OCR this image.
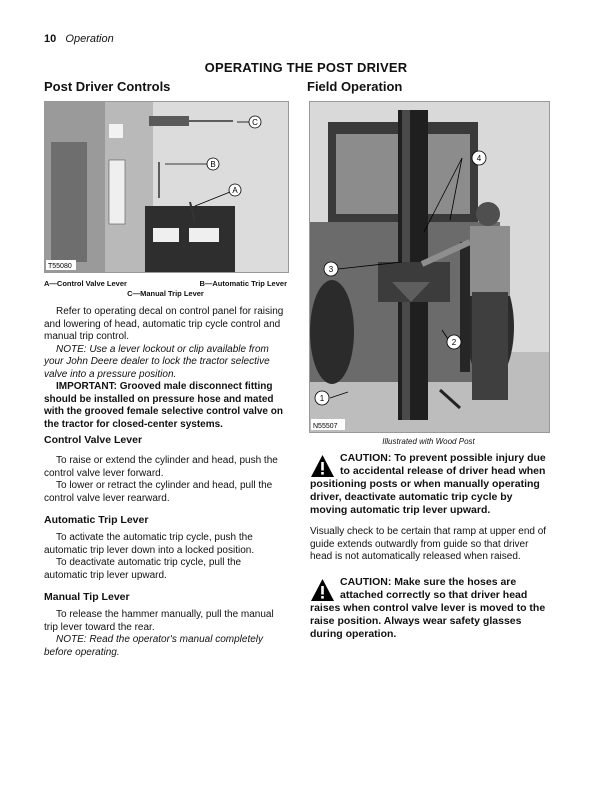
10 Operation
OPERATING THE POST DRIVER
Post Driver Controls	Field Operation
C
B
A
T55080
A—Control Valve Lever	B—Automatic Trip Lever
C—Manual Trip Lever

Refer to operating decal on control panel for raising and lowering of head, automatic trip cycle control and manual trip control.

NOTE: Use a lever lockout or clip available from your John Deere dealer to lock the tractor selective valve into a pressure position.

IMPORTANT: Grooved male disconnect fitting should be installed on pressure hose and mated with the grooved female selective control valve on the tractor for closed-center systems.

Control Valve Lever

To raise or extend the cylinder and head, push the control valve lever forward.

To lower or retract the cylinder and head, pull the control valve lever rearward.

Automatic Trip Lever

To activate the automatic trip cycle, push the automatic trip lever down into a locked position.

To deactivate automatic trip cycle, pull the automatic trip lever upward.

Manual Tip Lever

To release the hammer manually, pull the manual trip lever toward the rear.

NOTE: Read the operator's manual completely before operating.

4
3
2
1
N55507
Illustrated with Wood Post
CAUTION: To prevent possible injury due to accidental release of driver head when positioning posts or when manually operating driver, deactivate automatic trip cycle by moving automatic trip lever upward.
Visually check to be certain that ramp at upper end of guide extends outwardly from guide so that driver head is not automatically released when raised.
CAUTION: Make sure the hoses are attached correctly so that driver head raises when control valve lever is moved to the raise position. Always wear safety glasses during operation.
